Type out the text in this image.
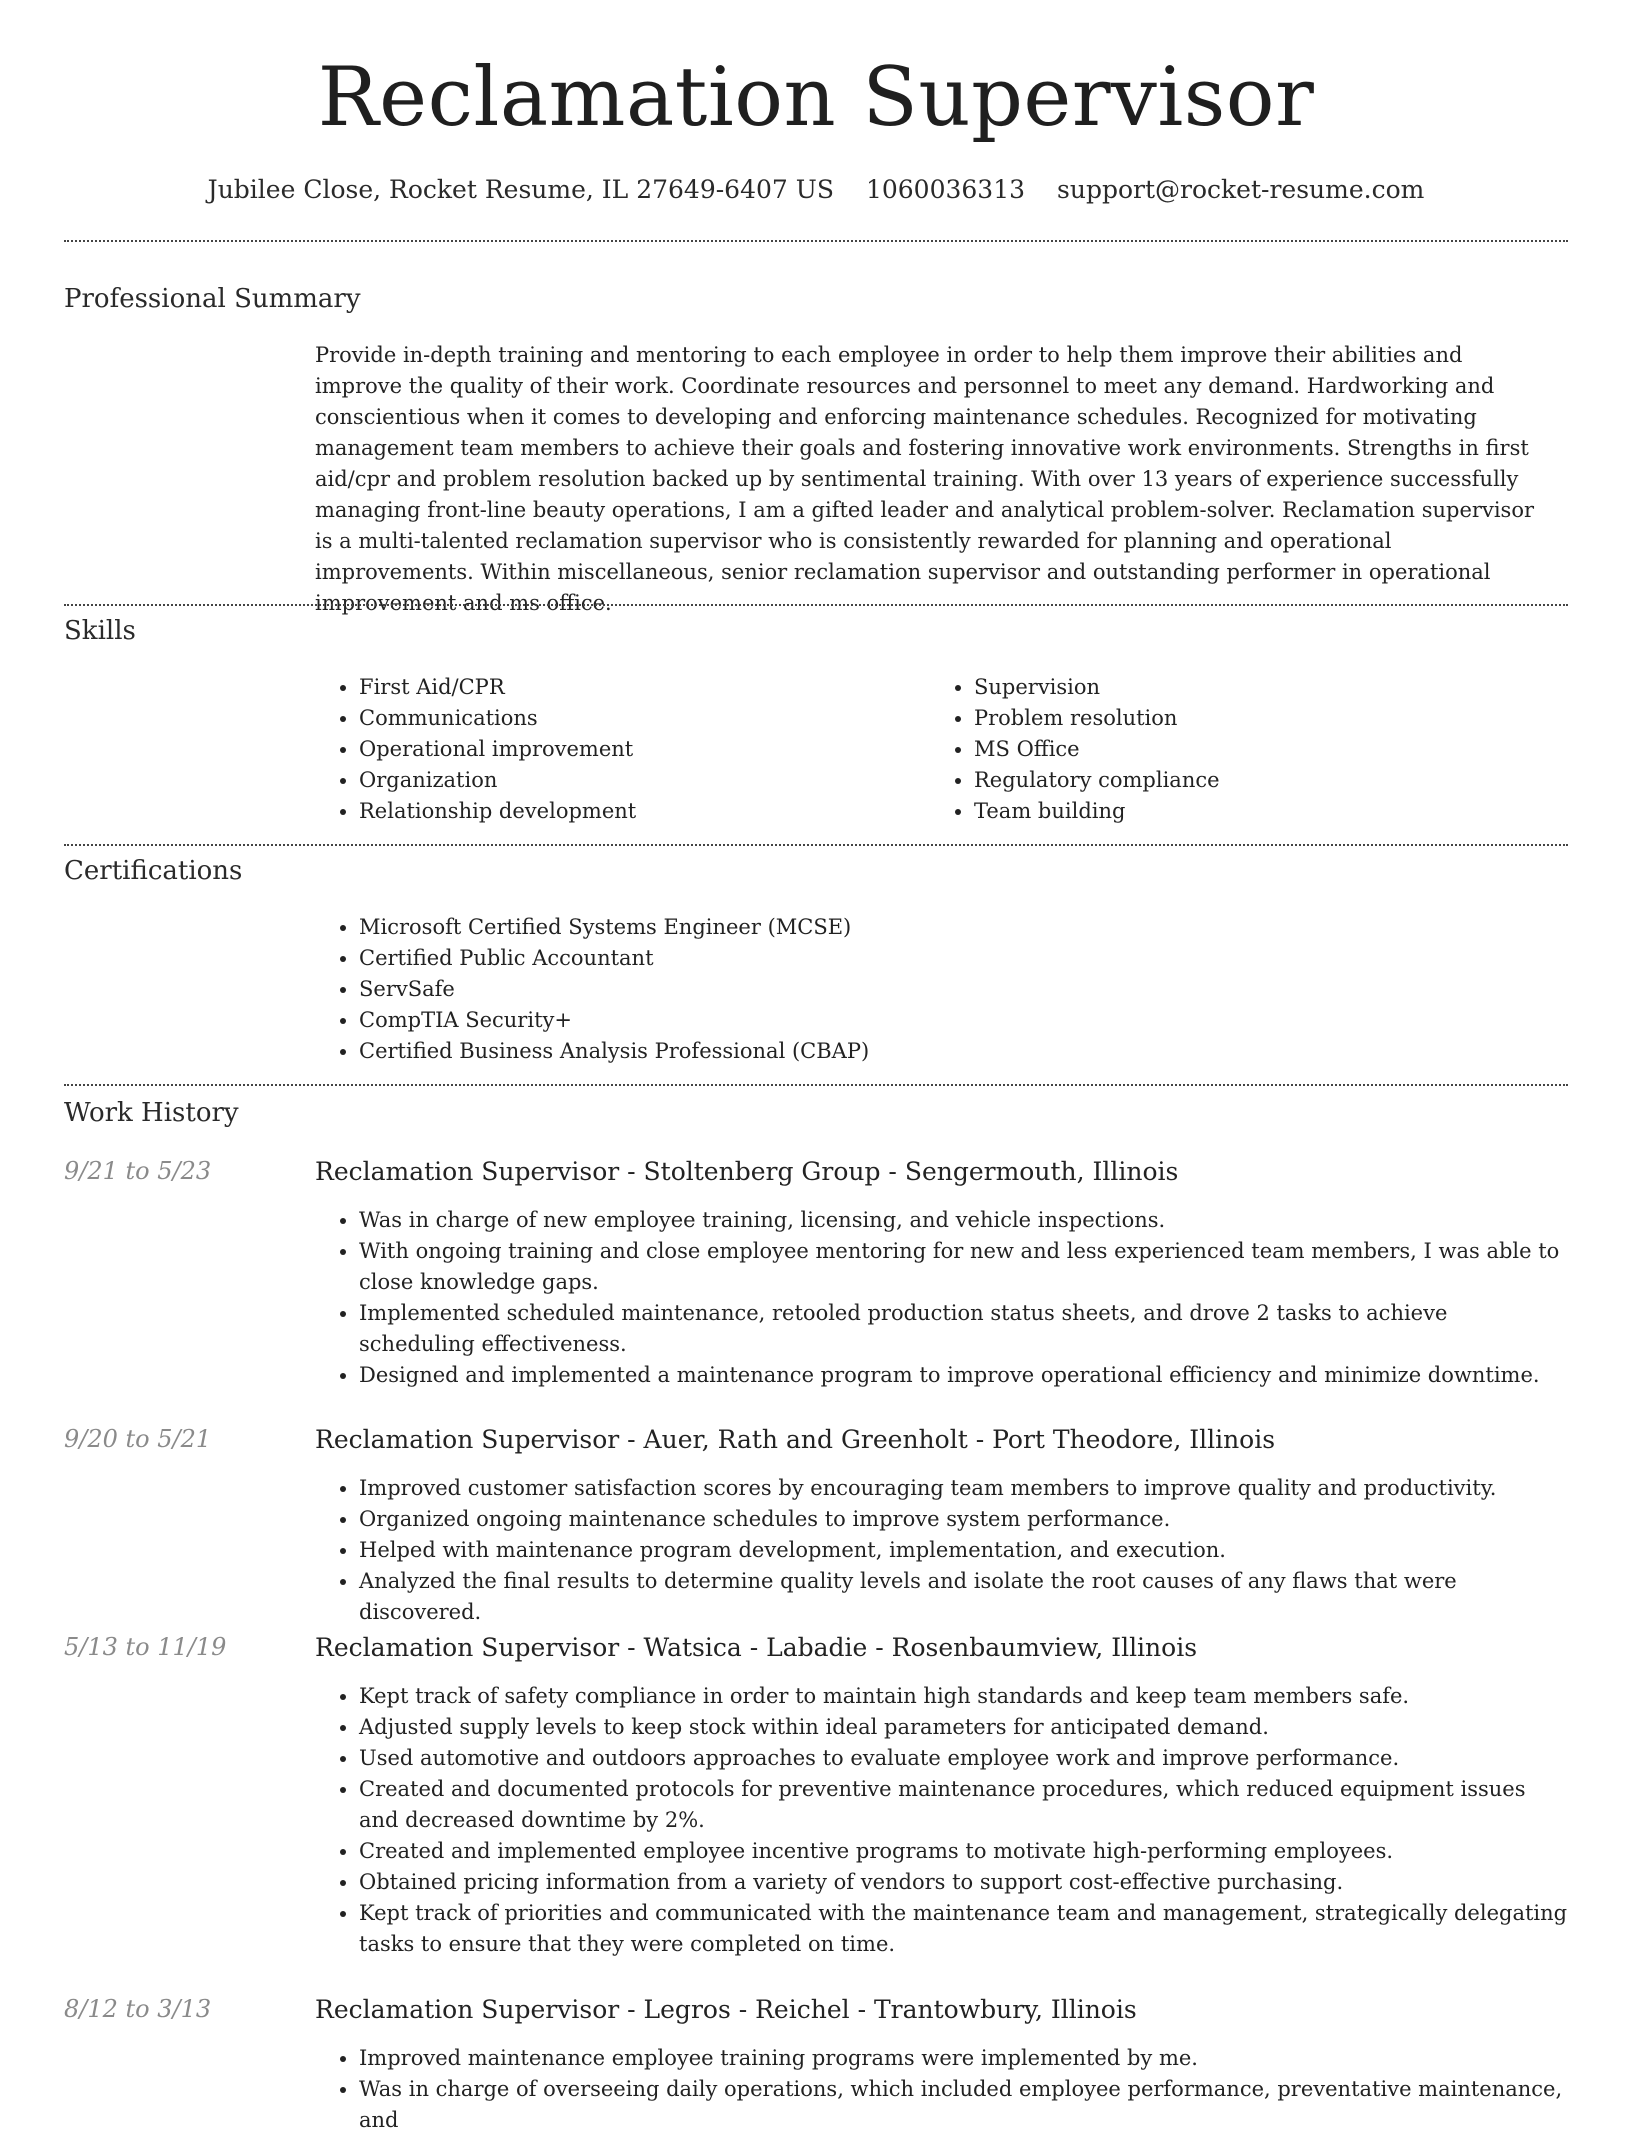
Reclamation Supervisor
Jubilee Close, Rocket Resume, IL 27649-6407 US 1060036313 support@rocket-resume.com
Professional Summary

Provide in-depth training and mentoring to each employee in order to help them improve their abilities and improve the quality of their work. Coordinate resources and personnel to meet any demand. Hardworking and conscientious when it comes to developing and enforcing maintenance schedules. Recognized for motivating management team members to achieve their goals and fostering innovative work environments. Strengths in first aid/cpr and problem resolution backed up by sentimental training. With over 13 years of experience successfully managing front-line beauty operations, I am a gifted leader and analytical problem-solver. Reclamation supervisor is a multi-talented reclamation supervisor who is consistently rewarded for planning and operational improvements. Within miscellaneous, senior reclamation supervisor and outstanding performer in operational improvement and ms office.

Skills
• First Aid/CPR
• Communications
• Operational improvement
• Organization
• Relationship development
• Supervision
• Problem resolution
• MS Office
• Regulatory compliance
• Team building
Certifications
• Microsoft Certified Systems Engineer (MCSE)
• Certified Public Accountant
• ServSafe
• CompTIA Security+
• Certified Business Analysis Professional (CBAP)
Work History
9/21 to 5/23	Reclamation Supervisor - Stoltenberg Group - Sengermouth, Illinois
• Was in charge of new employee training, licensing, and vehicle inspections.
• With ongoing training and close employee mentoring for new and less experienced team members, I was able to close knowledge gaps.
• Implemented scheduled maintenance, retooled production status sheets, and drove 2 tasks to achieve scheduling effectiveness.
• Designed and implemented a maintenance program to improve operational efficiency and minimize downtime.
9/20 to 5/21	Reclamation Supervisor - Auer, Rath and Greenholt - Port Theodore, Illinois
• Improved customer satisfaction scores by encouraging team members to improve quality and productivity.
• Organized ongoing maintenance schedules to improve system performance.
• Helped with maintenance program development, implementation, and execution.
• Analyzed the final results to determine quality levels and isolate the root causes of any flaws that were discovered.
5/13 to 11/19	Reclamation Supervisor - Watsica - Labadie - Rosenbaumview, Illinois
• Kept track of safety compliance in order to maintain high standards and keep team members safe.
• Adjusted supply levels to keep stock within ideal parameters for anticipated demand.
• Used automotive and outdoors approaches to evaluate employee work and improve performance.
• Created and documented protocols for preventive maintenance procedures, which reduced equipment issues and decreased downtime by 2%.
• Created and implemented employee incentive programs to motivate high-performing employees.
• Obtained pricing information from a variety of vendors to support cost-effective purchasing.
• Kept track of priorities and communicated with the maintenance team and management, strategically delegating tasks to ensure that they were completed on time.
8/12 to 3/13	Reclamation Supervisor - Legros - Reichel - Trantowbury, Illinois
• Improved maintenance employee training programs were implemented by me.
• Was in charge of overseeing daily operations, which included employee performance, preventative maintenance, and
